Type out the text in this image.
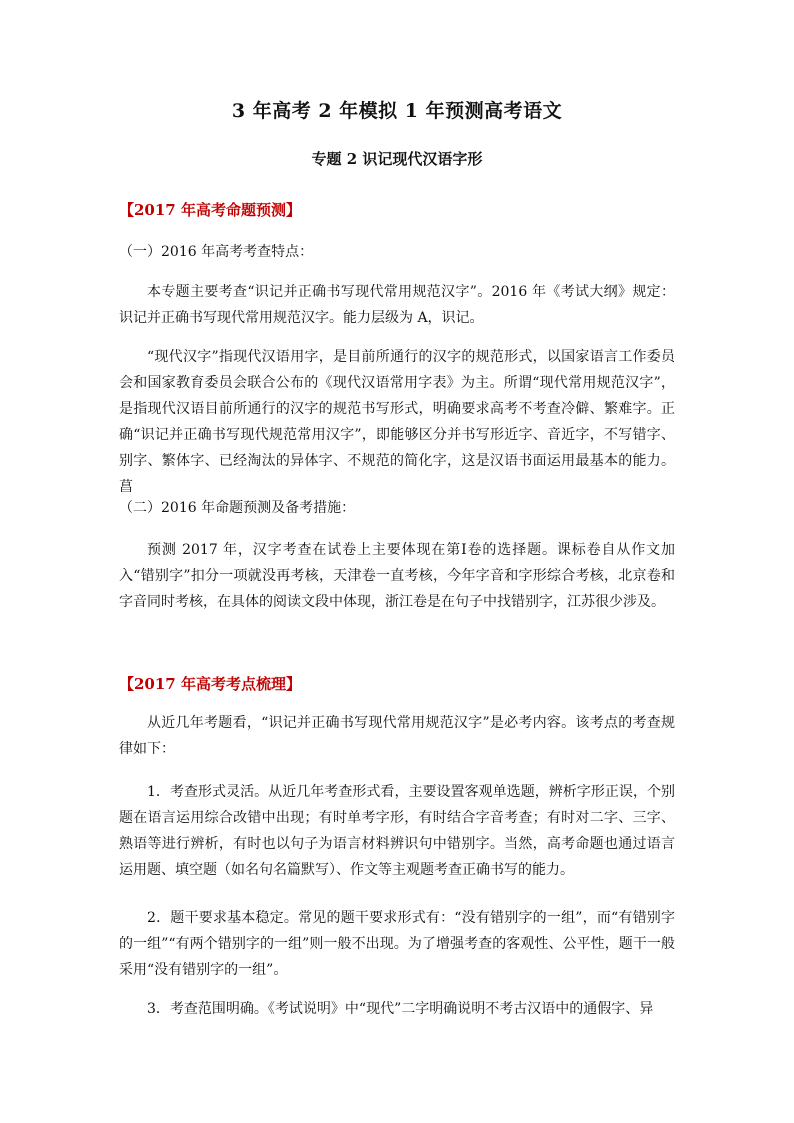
3 年高考 2 年模拟 1 年预测高考语文
专题 2 识记现代汉语字形
【2017 年高考命题预测】
（一）2016 年高考考查特点：
本专题主要考查“识记并正确书写现代常用规范汉字”。2016 年《考试大纲》规定：识记并正确书写现代常用规范汉字。能力层级为 A，识记。
“现代汉字”指现代汉语用字，是目前所通行的汉字的规范形式，以国家语言工作委员会和国家教育委员会联合公布的《现代汉语常用字表》为主。所谓“现代常用规范汉字”，是指现代汉语目前所通行的汉字的规范书写形式，明确要求高考不考查冷僻、繁难字。正确“识记并正确书写现代规范常用汉字”，即能够区分并书写形近字、音近字，不写错字、别字、繁体字、已经淘汰的异体字、不规范的简化字，这是汉语书面运用最基本的能力。菖
（二）2016 年命题预测及备考措施：
预测 2017 年，汉字考查在试卷上主要体现在第Ⅰ卷的选择题。课标卷自从作文加入“错别字”扣分一项就没再考核，天津卷一直考核，今年字音和字形综合考核，北京卷和字音同时考核，在具体的阅读文段中体现，浙江卷是在句子中找错别字，江苏很少涉及。
【2017 年高考考点梳理】
从近几年考题看，“识记并正确书写现代常用规范汉字”是必考内容。该考点的考查规律如下：
1．考查形式灵活。从近几年考查形式看，主要设置客观单选题，辨析字形正误，个别题在语言运用综合改错中出现；有时单考字形，有时结合字音考查；有时对二字、三字、熟语等进行辨析，有时也以句子为语言材料辨识句中错别字。当然，高考命题也通过语言运用题、填空题（如名句名篇默写）、作文等主观题考查正确书写的能力。
2．题干要求基本稳定。常见的题干要求形式有：“没有错别字的一组”，而“有错别字的一组”“有两个错别字的一组”则一般不出现。为了增强考查的客观性、公平性，题干一般采用“没有错别字的一组”。
3．考查范围明确。《考试说明》中“现代”二字明确说明不考古汉语中的通假字、异
